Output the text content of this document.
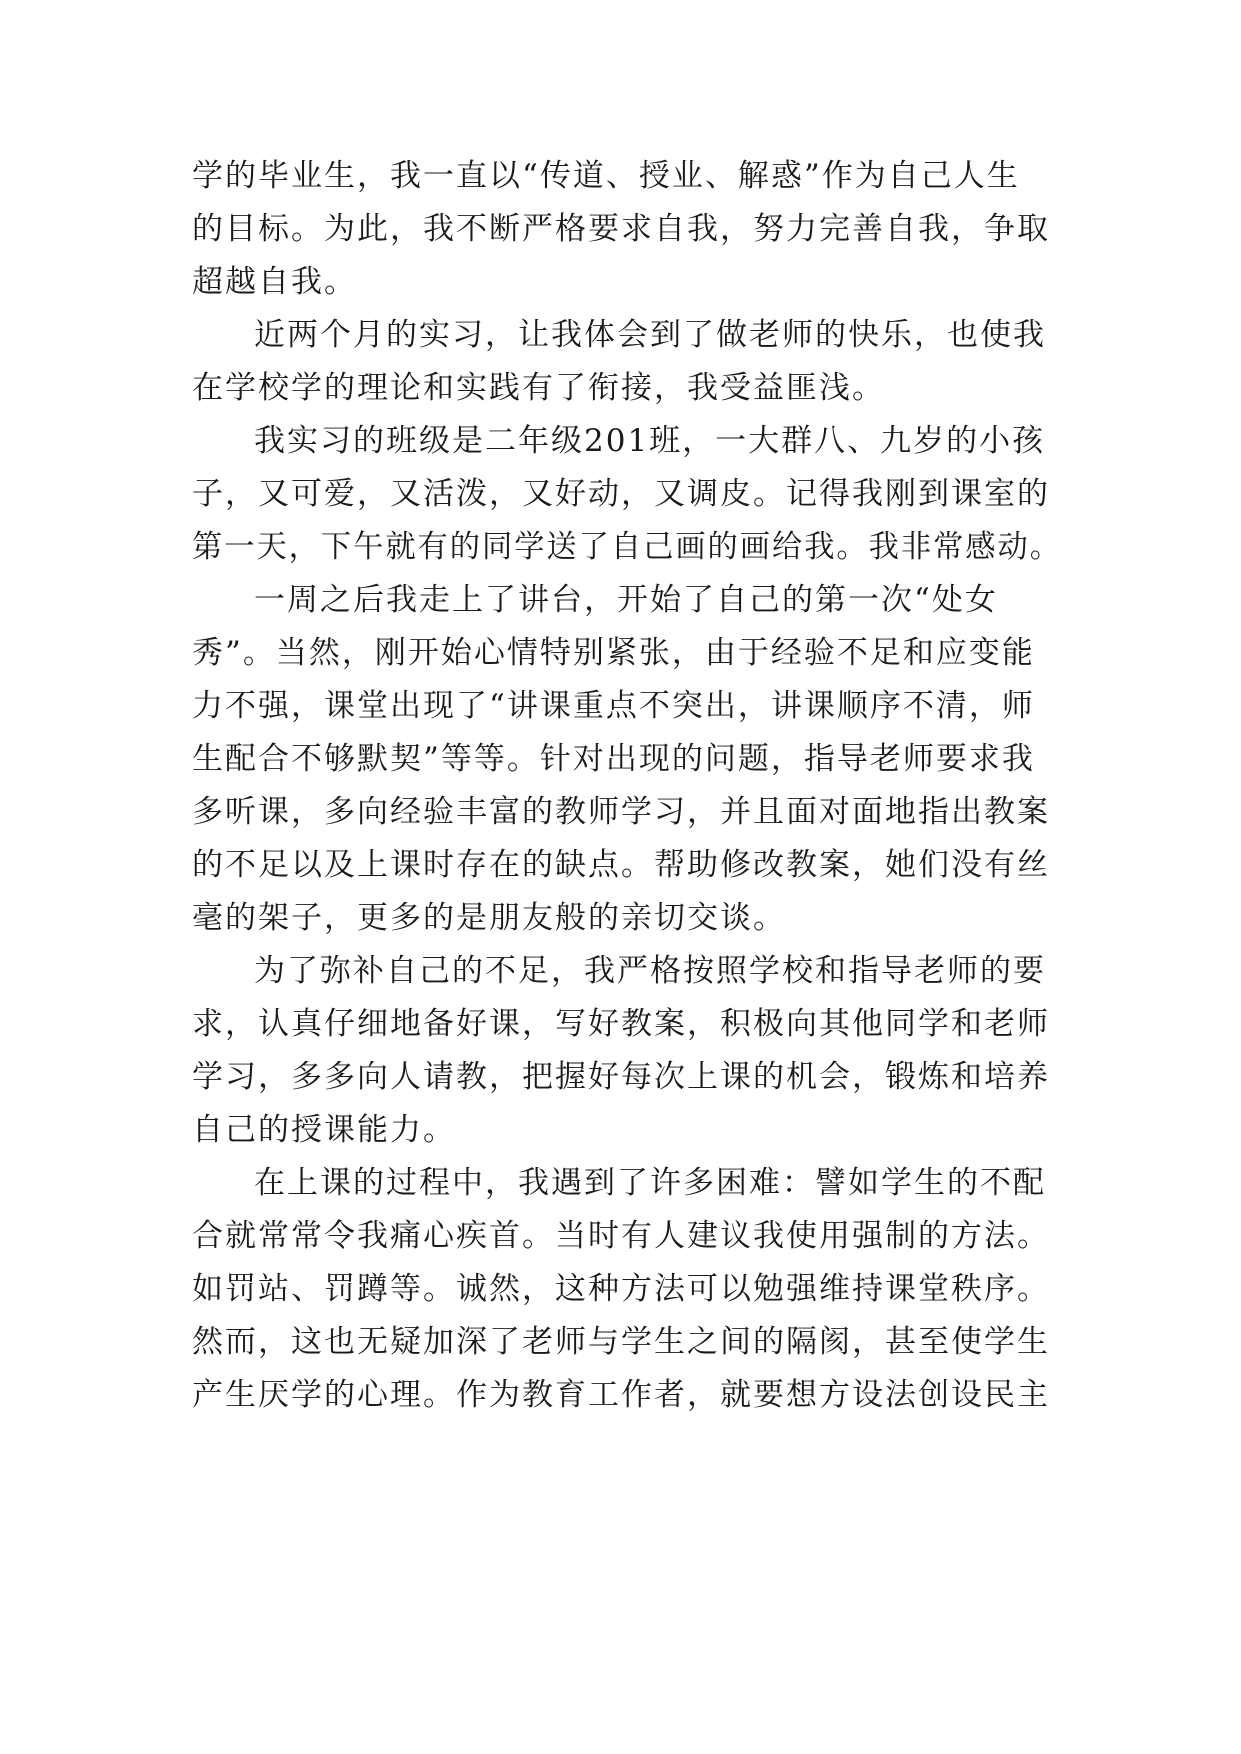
学的毕业生，我一直以“传道、授业、解惑”作为自己人生
的目标。为此，我不断严格要求自我，努力完善自我，争取
超越自我。
近两个月的实习，让我体会到了做老师的快乐，也使我
在学校学的理论和实践有了衔接，我受益匪浅。
我实习的班级是二年级201班，一大群八、九岁的小孩
子，又可爱，又活泼，又好动，又调皮。记得我刚到课室的
第一天，下午就有的同学送了自己画的画给我。我非常感动。
一周之后我走上了讲台，开始了自己的第一次“处女
秀”。当然，刚开始心情特别紧张，由于经验不足和应变能
力不强，课堂出现了“讲课重点不突出，讲课顺序不清，师
生配合不够默契”等等。针对出现的问题，指导老师要求我
多听课，多向经验丰富的教师学习，并且面对面地指出教案
的不足以及上课时存在的缺点。帮助修改教案，她们没有丝
毫的架子，更多的是朋友般的亲切交谈。
为了弥补自己的不足，我严格按照学校和指导老师的要
求，认真仔细地备好课，写好教案，积极向其他同学和老师
学习，多多向人请教，把握好每次上课的机会，锻炼和培养
自己的授课能力。
在上课的过程中，我遇到了许多困难：譬如学生的不配
合就常常令我痛心疾首。当时有人建议我使用强制的方法。
如罚站、罚蹲等。诚然，这种方法可以勉强维持课堂秩序。
然而，这也无疑加深了老师与学生之间的隔阂，甚至使学生
产生厌学的心理。作为教育工作者，就要想方设法创设民主
